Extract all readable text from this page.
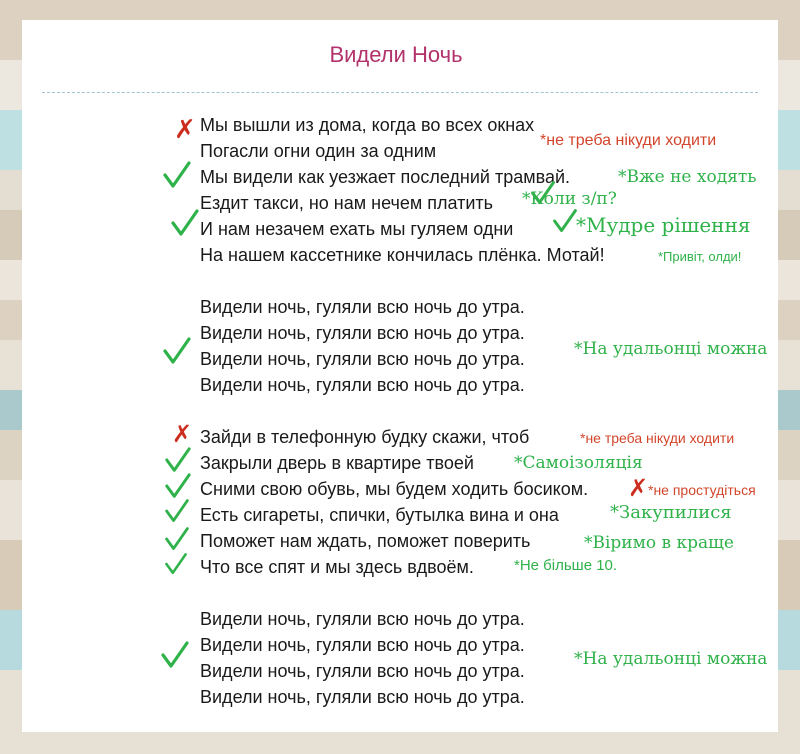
Видели Ночь
Мы вышли из дома, когда во всех окнах
Погасли огни один за одним
Мы видели как уезжает последний трамвай.
Ездит такси, но нам нечем платить
И нам незачем ехать мы гуляем одни
На нашем кассетнике кончилась плёнка. Мотай!
Видели ночь, гуляли всю ночь до утра.
Видели ночь, гуляли всю ночь до утра.
Видели ночь, гуляли всю ночь до утра.
Видели ночь, гуляли всю ночь до утра.
Зайди в телефонную будку скажи, чтоб
Закрыли дверь в квартире твоей
Сними свою обувь, мы будем ходить босиком.
Есть сигареты, спички, бутылка вина и она
Поможет нам ждать, поможет поверить
Что все спят и мы здесь вдвоём.
Видели ночь, гуляли всю ночь до утра.
Видели ночь, гуляли всю ночь до утра.
Видели ночь, гуляли всю ночь до утра.
Видели ночь, гуляли всю ночь до утра.
*не треба нікуди ходити
*Вже не ходять
*Коли з/п?
*Мудре рішення
*Привіт, олди!
*На удальонці можна
*не треба нікуди ходити
*Самоізоляція
*не простудіться
*Закупилися
*Віримо в краще
*Не більше 10.
*На удальонці можна
✗
✗
✗
